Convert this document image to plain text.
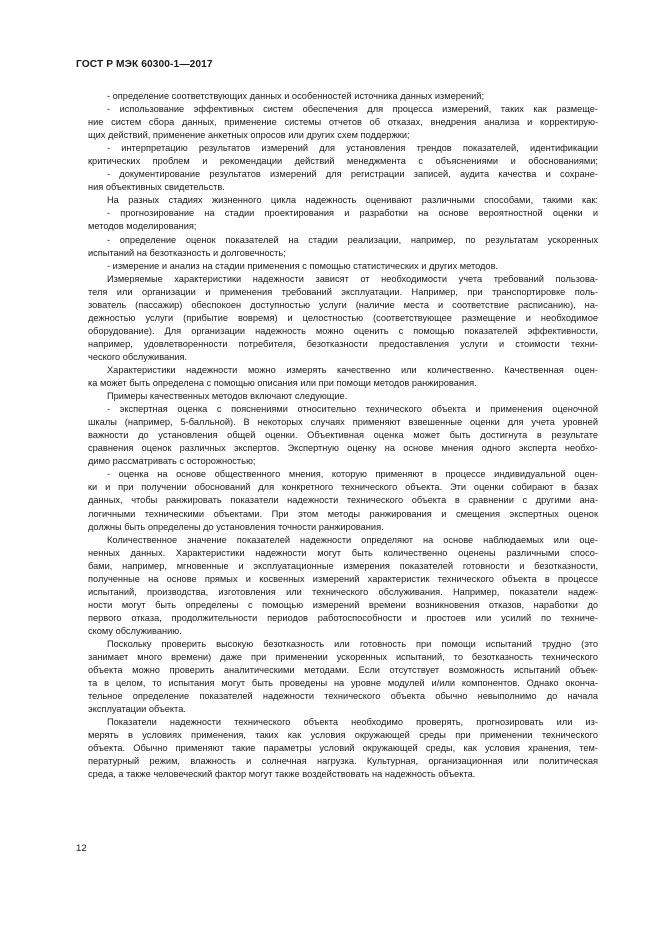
ГОСТ Р МЭК 60300-1—2017
- определение соответствующих данных и особенностей источника данных измерений;
- использование эффективных систем обеспечения для процесса измерений, таких как размеще-
ние систем сбора данных, применение системы отчетов об отказах, внедрения анализа и корректирую-
щих действий, применение анкетных опросов или других схем поддержки;
- интерпретацию результатов измерений для установления трендов показателей, идентификации
критических проблем и рекомендации действий менеджмента с объяснениями и обоснованиями;
- документирование результатов измерений для регистрации записей, аудита качества и сохране-
ния объективных свидетельств.
На разных стадиях жизненного цикла надежность оценивают различными способами, такими как:
- прогнозирование на стадии проектирования и разработки на основе вероятностной оценки и
методов моделирования;
- определение оценок показателей на стадии реализации, например, по результатам ускоренных
испытаний на безотказность и долговечность;
- измерение и анализ на стадии применения с помощью статистических и других методов.
Измеряемые характеристики надежности зависят от необходимости учета требований пользова-
теля или организации и применения требований эксплуатации. Например, при транспортировке поль-
зователь (пассажир) обеспокоен доступностью услуги (наличие места и соответствие расписанию), на-
дежностью услуги (прибытие вовремя) и целостностью (соответствующее размещение и необходимое
оборудование). Для организации надежность можно оценить с помощью показателей эффективности,
например, удовлетворенности потребителя, безотказности предоставления услуги и стоимости техни-
ческого обслуживания.
Характеристики надежности можно измерять качественно или количественно. Качественная оцен-
ка может быть определена с помощью описания или при помощи методов ранжирования.
Примеры качественных методов включают следующие.
- экспертная оценка с пояснениями относительно технического объекта и применения оценочной
шкалы (например, 5-балльной). В некоторых случаях применяют взвешенные оценки для учета уровней
важности до установления общей оценки. Объективная оценка может быть достигнута в результате
сравнения оценок различных экспертов. Экспертную оценку на основе мнения одного эксперта необхо-
димо рассматривать с осторожностью;
- оценка на основе общественного мнения, которую применяют в процессе индивидуальной оцен-
ки и при получении обоснований для конкретного технического объекта. Эти оценки собирают в базах
данных, чтобы ранжировать показатели надежности технического объекта в сравнении с другими ана-
логичными техническими объектами. При этом методы ранжирования и смещения экспертных оценок
должны быть определены до установления точности ранжирования.
Количественное значение показателей надежности определяют на основе наблюдаемых или оце-
ненных данных. Характеристики надежности могут быть количественно оценены различными спосо-
бами, например, мгновенные и эксплуатационные измерения показателей готовности и безотказности,
полученные на основе прямых и косвенных измерений характеристик технического объекта в процессе
испытаний, производства, изготовления или технического обслуживания. Например, показатели надеж-
ности могут быть определены с помощью измерений времени возникновения отказов, наработки до
первого отказа, продолжительности периодов работоспособности и простоев или усилий по техниче-
скому обслуживанию.
Поскольку проверить высокую безотказность или готовность при помощи испытаний трудно (это
занимает много времени) даже при применении ускоренных испытаний, то безотказность технического
объекта можно проверить аналитическими методами. Если отсутствует возможность испытаний объек-
та в целом, то испытания могут быть проведены на уровне модулей и/или компонентов. Однако оконча-
тельное определение показателей надежности технического объекта обычно невыполнимо до начала
эксплуатации объекта.
Показатели надежности технического объекта необходимо проверять, прогнозировать или из-
мерять в условиях применения, таких как условия окружающей среды при применении технического
объекта. Обычно применяют такие параметры условий окружающей среды, как условия хранения, тем-
пературный режим, влажность и солнечная нагрузка. Культурная, организационная или политическая
среда, а также человеческий фактор могут также воздействовать на надежность объекта.
12
